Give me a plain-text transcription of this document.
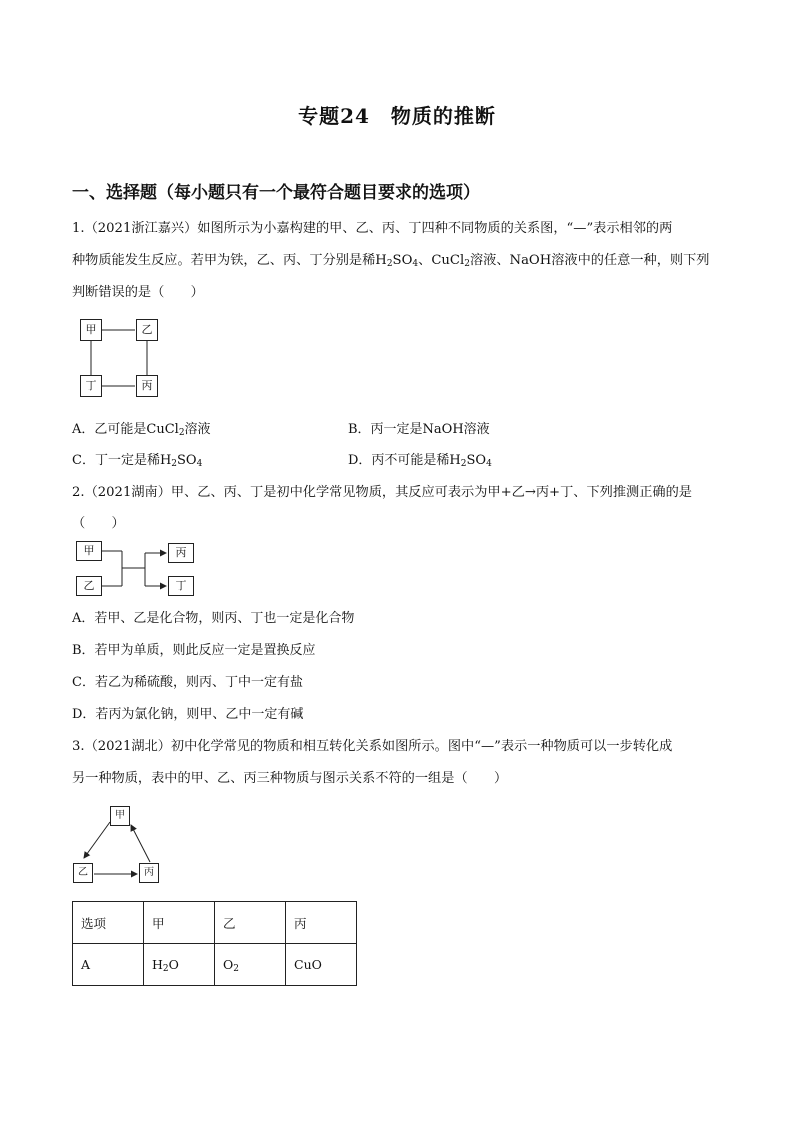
专题24　物质的推断
一、选择题（每小题只有一个最符合题目要求的选项）
1.（2021浙江嘉兴）如图所示为小嘉构建的甲、乙、丙、丁四种不同物质的关系图，“—”表示相邻的两
种物质能发生反应。若甲为铁，乙、丙、丁分别是稀$H_2SO_4$、CuCl$_2$溶液、NaOH溶液中的任意一种，则下列
判断错误的是（　　）
甲	乙
丁	丙
A．乙可能是CuCl$_2$溶液	B．丙一定是NaOH溶液
C．丁一定是稀$H_2SO_4$	D．丙不可能是稀$H_2SO_4$
2.（2021湖南）甲、乙、丙、丁是初中化学常见物质，其反应可表示为甲+乙→丙+丁、下列推测正确的是
（　　）
甲
乙
丙
丁
A．若甲、乙是化合物，则丙、丁也一定是化合物
B．若甲为单质，则此反应一定是置换反应
C．若乙为稀硫酸，则丙、丁中一定有盐
D．若丙为氯化钠，则甲、乙中一定有碱
3.（2021湖北）初中化学常见的物质和相互转化关系如图所示。图中“—”表示一种物质可以一步转化成
另一种物质，表中的甲、乙、丙三种物质与图示关系不符的一组是（　　）
甲
乙	丙
选项	甲	乙	丙
A	$H_2O$	$O_2$	CuO
